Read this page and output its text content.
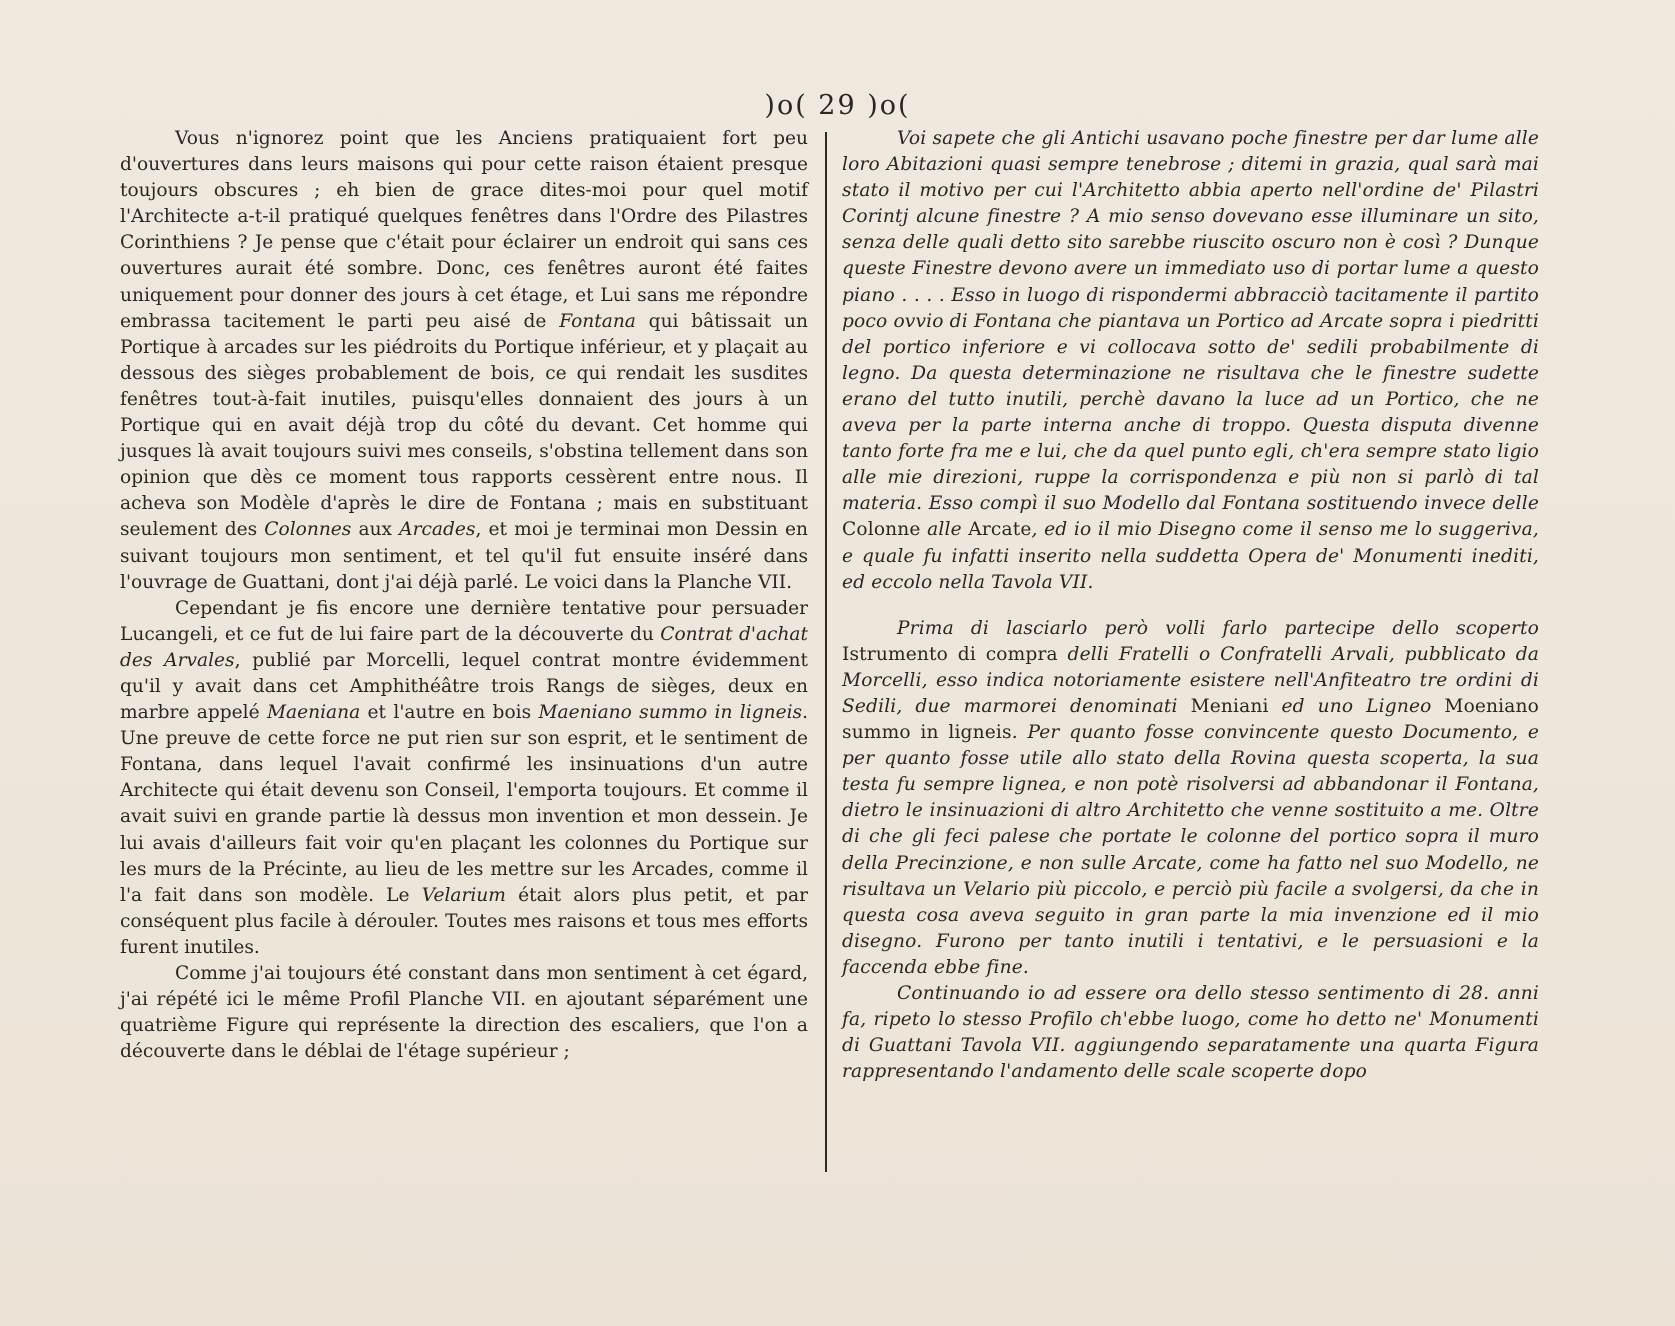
)o( 29 )o(

Vous n'ignorez point que les Anciens pratiquaient fort peu d'ouvertures dans leurs maisons qui pour cette raison étaient presque toujours obscures ; eh bien de grace dites-moi pour quel motif l'Architecte a-t-il pratiqué quelques fenêtres dans l'Ordre des Pilastres Corinthiens ? Je pense que c'était pour éclairer un endroit qui sans ces ouvertures aurait été sombre. Donc, ces fenêtres auront été faites uniquement pour donner des jours à cet étage, et Lui sans me répondre embrassa tacitement le parti peu aisé de Fontana qui bâtissait un Portique à arcades sur les piédroits du Portique inférieur, et y plaçait au dessous des sièges probablement de bois, ce qui rendait les susdites fenêtres tout-à-fait inutiles, puisqu'elles donnaient des jours à un Portique qui en avait déjà trop du côté du devant. Cet homme qui jusques là avait toujours suivi mes conseils, s'obstina tellement dans son opinion que dès ce moment tous rapports cessèrent entre nous. Il acheva son Modèle d'après le dire de Fontana ; mais en substituant seulement des Colonnes aux Arcades, et moi je terminai mon Dessin en suivant toujours mon sentiment, et tel qu'il fut ensuite inséré dans l'ouvrage de Guattani, dont j'ai déjà parlé. Le voici dans la Planche VII.

Cependant je fis encore une dernière tentative pour persuader Lucangeli, et ce fut de lui faire part de la découverte du Contrat d'achat des Arvales, publié par Morcelli, lequel contrat montre évidemment qu'il y avait dans cet Amphithéâtre trois Rangs de sièges, deux en marbre appelé Maeniana et l'autre en bois Maeniano summo in ligneis. Une preuve de cette force ne put rien sur son esprit, et le sentiment de Fontana, dans lequel l'avait confirmé les insinuations d'un autre Architecte qui était devenu son Conseil, l'emporta toujours. Et comme il avait suivi en grande partie là dessus mon invention et mon dessein. Je lui avais d'ailleurs fait voir qu'en plaçant les colonnes du Portique sur les murs de la Précinte, au lieu de les mettre sur les Arcades, comme il l'a fait dans son modèle. Le Velarium était alors plus petit, et par conséquent plus facile à dérouler. Toutes mes raisons et tous mes efforts furent inutiles.

Comme j'ai toujours été constant dans mon sentiment à cet égard, j'ai répété ici le même Profil Planche VII. en ajoutant séparément une quatrième Figure qui représente la direction des escaliers, que l'on a découverte dans le déblai de l'étage supérieur ;

Voi sapete che gli Antichi usavano poche finestre per dar lume alle loro Abitazioni quasi sempre tenebrose ; ditemi in grazia, qual sarà mai stato il motivo per cui l'Architetto abbia aperto nell'ordine de' Pilastri Corintj alcune finestre ? A mio senso dovevano esse illuminare un sito, senza delle quali detto sito sarebbe riuscito oscuro non è così ? Dunque queste Finestre devono avere un immediato uso di portar lume a questo piano . . . . Esso in luogo di rispondermi abbracciò tacitamente il partito poco ovvio di Fontana che piantava un Portico ad Arcate sopra i piedritti del portico inferiore e vi collocava sotto de' sedili probabilmente di legno. Da questa determinazione ne risultava che le finestre sudette erano del tutto inutili, perchè davano la luce ad un Portico, che ne aveva per la parte interna anche di troppo. Questa disputa divenne tanto forte fra me e lui, che da quel punto egli, ch'era sempre stato ligio alle mie direzioni, ruppe la corrispondenza e più non si parlò di tal materia. Esso compì il suo Modello dal Fontana sostituendo invece delle Colonne alle Arcate, ed io il mio Disegno come il senso me lo suggeriva, e quale fu infatti inserito nella suddetta Opera de' Monumenti inediti, ed eccolo nella Tavola VII.

Prima di lasciarlo però volli farlo partecipe dello scoperto Istrumento di compra delli Fratelli o Confratelli Arvali, pubblicato da Morcelli, esso indica notoriamente esistere nell'Anfiteatro tre ordini di Sedili, due marmorei denominati Meniani ed uno Ligneo Moeniano summo in ligneis. Per quanto fosse convincente questo Documento, e per quanto fosse utile allo stato della Rovina questa scoperta, la sua testa fu sempre lignea, e non potè risolversi ad abbandonar il Fontana, dietro le insinuazioni di altro Architetto che venne sostituito a me. Oltre di che gli feci palese che portate le colonne del portico sopra il muro della Precinzione, e non sulle Arcate, come ha fatto nel suo Modello, ne risultava un Velario più piccolo, e perciò più facile a svolgersi, da che in questa cosa aveva seguito in gran parte la mia invenzione ed il mio disegno. Furono per tanto inutili i tentativi, e le persuasioni e la faccenda ebbe fine.

Continuando io ad essere ora dello stesso sentimento di 28. anni fa, ripeto lo stesso Profilo ch'ebbe luogo, come ho detto ne' Monumenti di Guattani Tavola VII. aggiungendo separatamente una quarta Figura rappresentando l'andamento delle scale scoperte dopo
